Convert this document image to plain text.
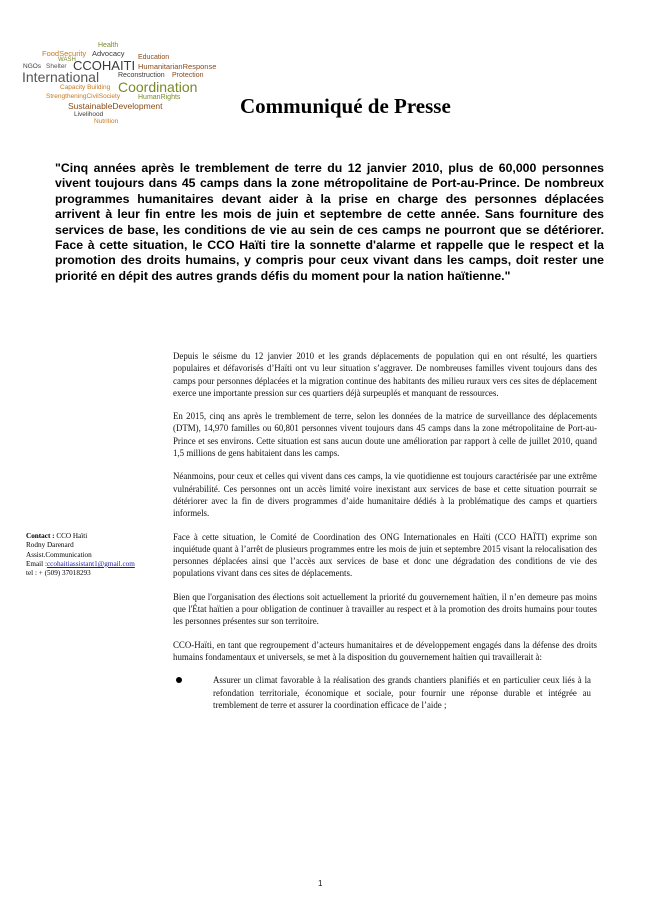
Health
FoodSecurity Advocacy Education
WASH
NGOs Shelter CCOHAITI HumanitarianResponse
International	Reconstruction Protection
Capacity Building Coordination
StrengtheningCivilSociety	HumanRights
SustainableDevelopment
Livelihood
Nutrition
Communiqué de Presse
"Cinq années après le tremblement de terre du 12 janvier 2010, plus de 60,000 personnes vivent toujours dans 45 camps dans la zone métropolitaine de Port-au-Prince. De nombreux programmes humanitaires devant aider à la prise en charge des personnes déplacées arrivent à leur fin entre les mois de juin et septembre de cette année. Sans fourniture des services de base, les conditions de vie au sein de ces camps ne pourront que se détériorer. Face à cette situation, le CCO Haïti tire la sonnette d'alarme et rappelle que le respect et la promotion des droits humains, y compris pour ceux vivant dans les camps, doit rester une priorité en dépit des autres grands défis du moment pour la nation haïtienne."
Contact : CCO Haïti
Rodny Darenard
Assist.Communication
Email :ccohaitiassistant1@gmail.com
tel : + (509) 37018293

Depuis le séisme du 12 janvier 2010 et les grands déplacements de population qui en ont résulté, les quartiers populaires et défavorisés d’Haïti ont vu leur situation s’aggraver. De nombreuses familles vivent toujours dans des camps pour personnes déplacées et la migration continue des habitants des milieu ruraux vers ces sites de déplacement exerce une importante pression sur ces quartiers déjà surpeuplés et manquant de ressources.

En 2015, cinq ans après le tremblement de terre, selon les données de la matrice de surveillance des déplacements (DTM), 14,970 familles ou 60,801 personnes vivent toujours dans 45 camps dans la zone métropolitaine de Port-au-Prince et ses environs. Cette situation est sans aucun doute une amélioration par rapport à celle de juillet 2010, quand 1,5 millions de gens habitaient dans les camps.

Néanmoins, pour ceux et celles qui vivent dans ces camps, la vie quotidienne est toujours caractérisée par une extrême vulnérabilité. Ces personnes ont un accès limité voire inexistant aux services de base et cette situation pourrait se détériorer avec la fin de divers programmes d’aide humanitaire dédiés à la problématique des camps et quartiers informels.

Face à cette situation, le Comité de Coordination des ONG Internationales en Haïti (CCO HAÏTI) exprime son inquiétude quant à l’arrêt de plusieurs programmes entre les mois de juin et septembre 2015 visant la relocalisation des personnes déplacées ainsi que l’accès aux services de base et donc une dégradation des conditions de vie des populations vivant dans ces sites de déplacements.

Bien que l'organisation des élections soit actuellement la priorité du gouvernement haïtien, il n’en demeure pas moins que l'État haïtien a pour obligation de continuer à travailler au respect et à la promotion des droits humains pour toutes les personnes présentes sur son territoire.

CCO-Haïti, en tant que regroupement d’acteurs humanitaires et de développement engagés dans la défense des droits humains fondamentaux et universels, se met à la disposition du gouvernement haïtien qui travaillerait à:

Assurer un climat favorable à la réalisation des grands chantiers planifiés et en particulier ceux liés à la refondation territoriale, économique et sociale, pour fournir une réponse durable et intégrée au tremblement de terre et assurer la coordination efficace de l’aide ;
1
